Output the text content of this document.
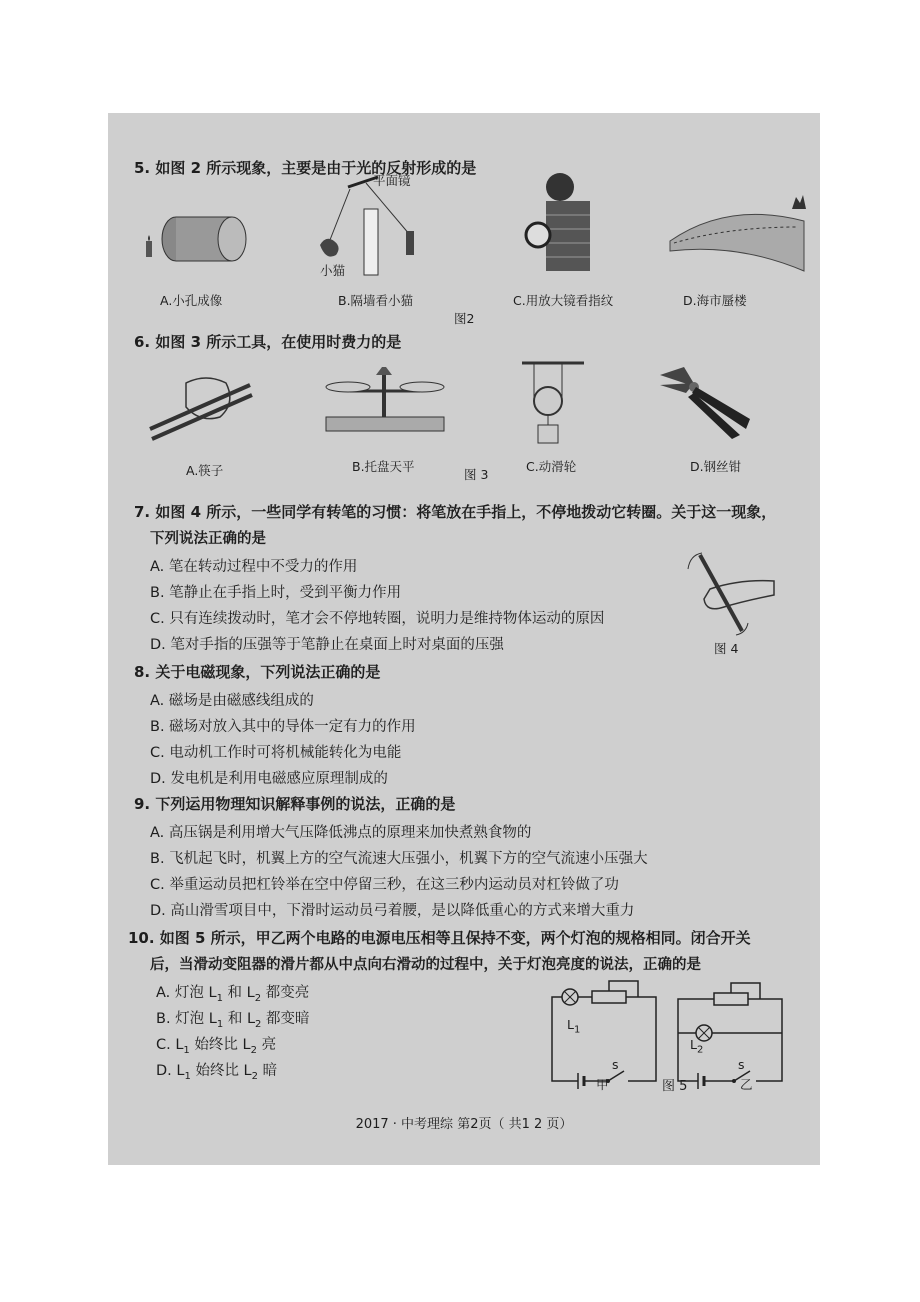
5. 如图 2 所示现象，主要是由于光的反射形成的是
A.小孔成像
平面镜
小猫
B.隔墙看小猫	C.用放大镜看指纹	D.海市蜃楼
图2
6. 如图 3 所示工具，在使用时费力的是
A.筷子	B.托盘天平	C.动滑轮	D.钢丝钳
图 3
7. 如图 4 所示，一些同学有转笔的习惯：将笔放在手指上，不停地拨动它转圈。关于这一现象，
下列说法正确的是
A. 笔在转动过程中不受力的作用
B. 笔静止在手指上时，受到平衡力作用
C. 只有连续拨动时，笔才会不停地转圈，说明力是维持物体运动的原因
D. 笔对手指的压强等于笔静止在桌面上时对桌面的压强	图 4
8. 关于电磁现象，下列说法正确的是
A. 磁场是由磁感线组成的
B. 磁场对放入其中的导体一定有力的作用
C. 电动机工作时可将机械能转化为电能
D. 发电机是利用电磁感应原理制成的
9. 下列运用物理知识解释事例的说法，正确的是
A. 高压锅是利用增大气压降低沸点的原理来加快煮熟食物的
B. 飞机起飞时，机翼上方的空气流速大压强小，机翼下方的空气流速小压强大
C. 举重运动员把杠铃举在空中停留三秒，在这三秒内运动员对杠铃做了功
D. 高山滑雪项目中，下滑时运动员弓着腰，是以降低重心的方式来增大重力
10. 如图 5 所示，甲乙两个电路的电源电压相等且保持不变，两个灯泡的规格相同。闭合开关
后，当滑动变阻器的滑片都从中点向右滑动的过程中，关于灯泡亮度的说法，正确的是
A. 灯泡 $L_1$ 和 $L_2$ 都变亮
B. 灯泡 $L_1$ 和 $L_2$ 都变暗
C. $L_1$ 始终比 $L_2$ 亮
D. $L_1$ 始终比 $L_2$ 暗
$L_1$
s
甲
$L_2$
s
乙
图 5
2017 · 中考理综 第2页（ 共1 2 页）
